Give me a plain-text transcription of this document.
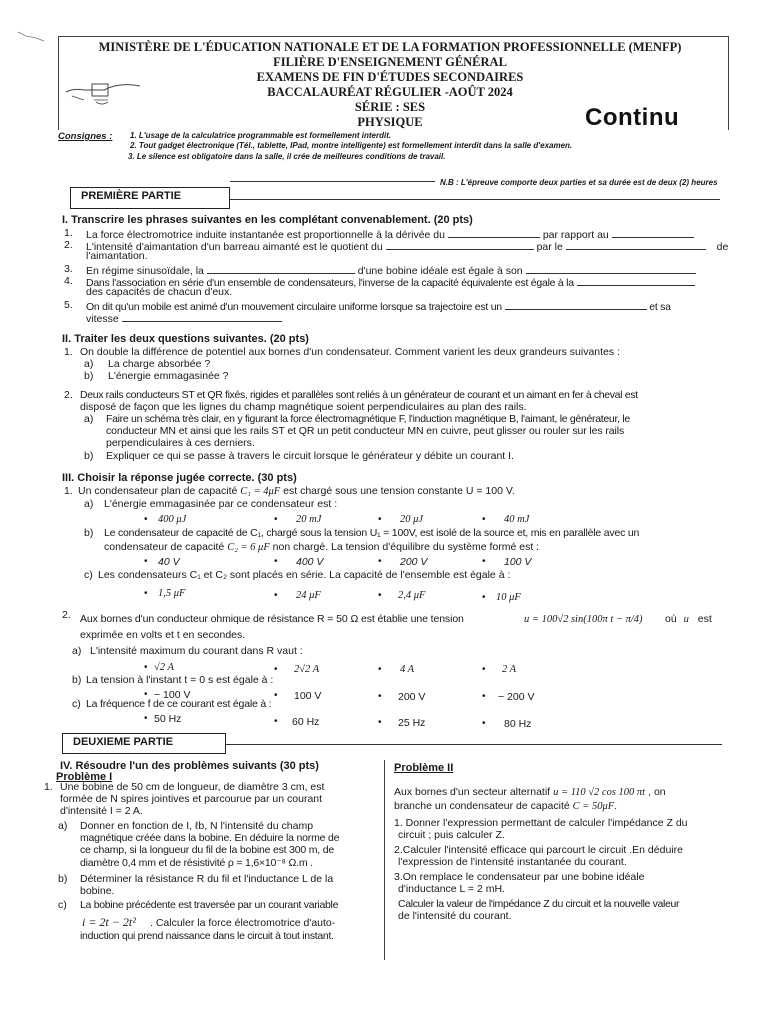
MINISTÈRE DE L'ÉDUCATION NATIONALE ET DE LA FORMATION PROFESSIONNELLE (MENFP)
FILIÈRE D'ENSEIGNEMENT GÉNÉRAL
EXAMENS DE FIN D'ÉTUDES SECONDAIRES
BACCALAURÉAT RÉGULIER -AOÛT 2024
SÉRIE : SES
PHYSIQUE	Continu
Consignes : 1. L'usage de la calculatrice programmable est formellement interdit.
2. Tout gadget électronique (Tél., tablette, IPad, montre intelligente) est formellement interdit dans la salle d'examen.
3. Le silence est obligatoire dans la salle, il crée de meilleures conditions de travail.
N.B : L'épreuve comporte deux parties et sa durée est de deux (2) heures
PREMIÈRE PARTIE
I. Transcrire les phrases suivantes en les complétant convenablement. (20 pts)
1. La force électromotrice induite instantanée est proportionnelle à la dérivée du	par rapport au
2. L'intensité d'aimantation d'un barreau aimanté est le quotient du	par le	de
l'aimantation.
3. En régime sinusoïdale, la	d'une bobine idéale est égale à son
4. Dans l'association en série d'un ensemble de condensateurs, l'inverse de la capacité équivalente est égale à la
des capacités de chacun d'eux.
5. On dit qu'un mobile est animé d'un mouvement circulaire uniforme lorsque sa trajectoire est un	et sa
vitesse
II. Traiter les deux questions suivantes. (20 pts)
1. On double la différence de potentiel aux bornes d'un condensateur. Comment varient les deux grandeurs suivantes :
a) La charge absorbée ?
b) L'énergie emmagasinée ?
2. Deux rails conducteurs ST et QR fixés, rigides et parallèles sont reliés à un générateur de courant et un aimant en fer à cheval est
disposé de façon que les lignes du champ magnétique soient perpendiculaires au plan des rails.
a) Faire un schéma très clair, en y figurant la force électromagnétique F, l'induction magnétique B, l'aimant, le générateur, le
conducteur MN et ainsi que les rails ST et QR un petit conducteur MN en cuivre, peut glisser ou rouler sur les rails
perpendiculaires à ces derniers.
b) Expliquer ce qui se passe à travers le circuit lorsque le générateur y débite un courant I.
III. Choisir la réponse jugée correcte. (30 pts)
1. Un condensateur plan de capacité C₁ = 4μF est chargé sous une tension constante U = 100 V.
a) L'énergie emmagasinée par ce condensateur est :
• 400 μJ	• 20 mJ	• 20 μJ	• 40 mJ
b) Le condensateur de capacité de C₁, chargé sous la tension U₁ = 100V, est isolé de la source et, mis en parallèle avec un
condensateur de capacité C₂ = 6 μF non chargé. La tension d'équilibre du système formé est :
• 40 V	• 400 V	• 200 V	• 100 V
c) Les condensateurs C₁ et C₂ sont placés en série. La capacité de l'ensemble est égale à :
• 1,5 μF	• 24 μF	• 2,4 μF	• 10 μF
2. Aux bornes d'un conducteur ohmique de résistance R = 50 Ω est établie une tension	u = 100√2 sin(100π t − π/4) où u est
exprimée en volts et t en secondes.
a) L'intensité maximum du courant dans R vaut :
• √2 A	• 2√2 A	• 4 A	• 2 A
b) La tension à l'instant t = 0 s est égale à :
• − 100 V	• 100 V	• 200 V	• − 200 V
c) La fréquence f de ce courant est égale à :
• 50 Hz	• 60 Hz	• 25 Hz	• 80 Hz
DEUXIEME PARTIE
IV. Résoudre l'un des problèmes suivants (30 pts)
Problème I
Problème II
1. Une bobine de 50 cm de longueur, de diamètre 3 cm, est
formée de N spires jointives et parcourue par un courant
d'intensité I = 2 A.
a) Donner en fonction de I, ℓb, N l'intensité du champ
magnétique créée dans la bobine. En déduire la norme de
ce champ, si la longueur du fil de la bobine est 300 m, de
diamètre 0,4 mm et de résistivité ρ = 1,6×10⁻⁸ Ω.m .
b) Déterminer la résistance R du fil et l'inductance L de la
bobine.
c) La bobine précédente est traversée par un courant variable
i = 2t − 2t² . Calculer la force électromotrice d'auto-
induction qui prend naissance dans le circuit à tout instant.
Aux bornes d'un secteur alternatif u = 110 √2 cos 100 πt , on
branche un condensateur de capacité C = 50μF.
1. Donner l'expression permettant de calculer l'impédance Z du
circuit ; puis calculer Z.
2.Calculer l'intensité efficace qui parcourt le circuit .En déduire
l'expression de l'intensité instantanée du courant.
3.On remplace le condensateur par une bobine idéale
d'inductance L = 2 mH.
Calculer la valeur de l'impédance Z du circuit et la nouvelle valeur
de l'intensité du courant.
